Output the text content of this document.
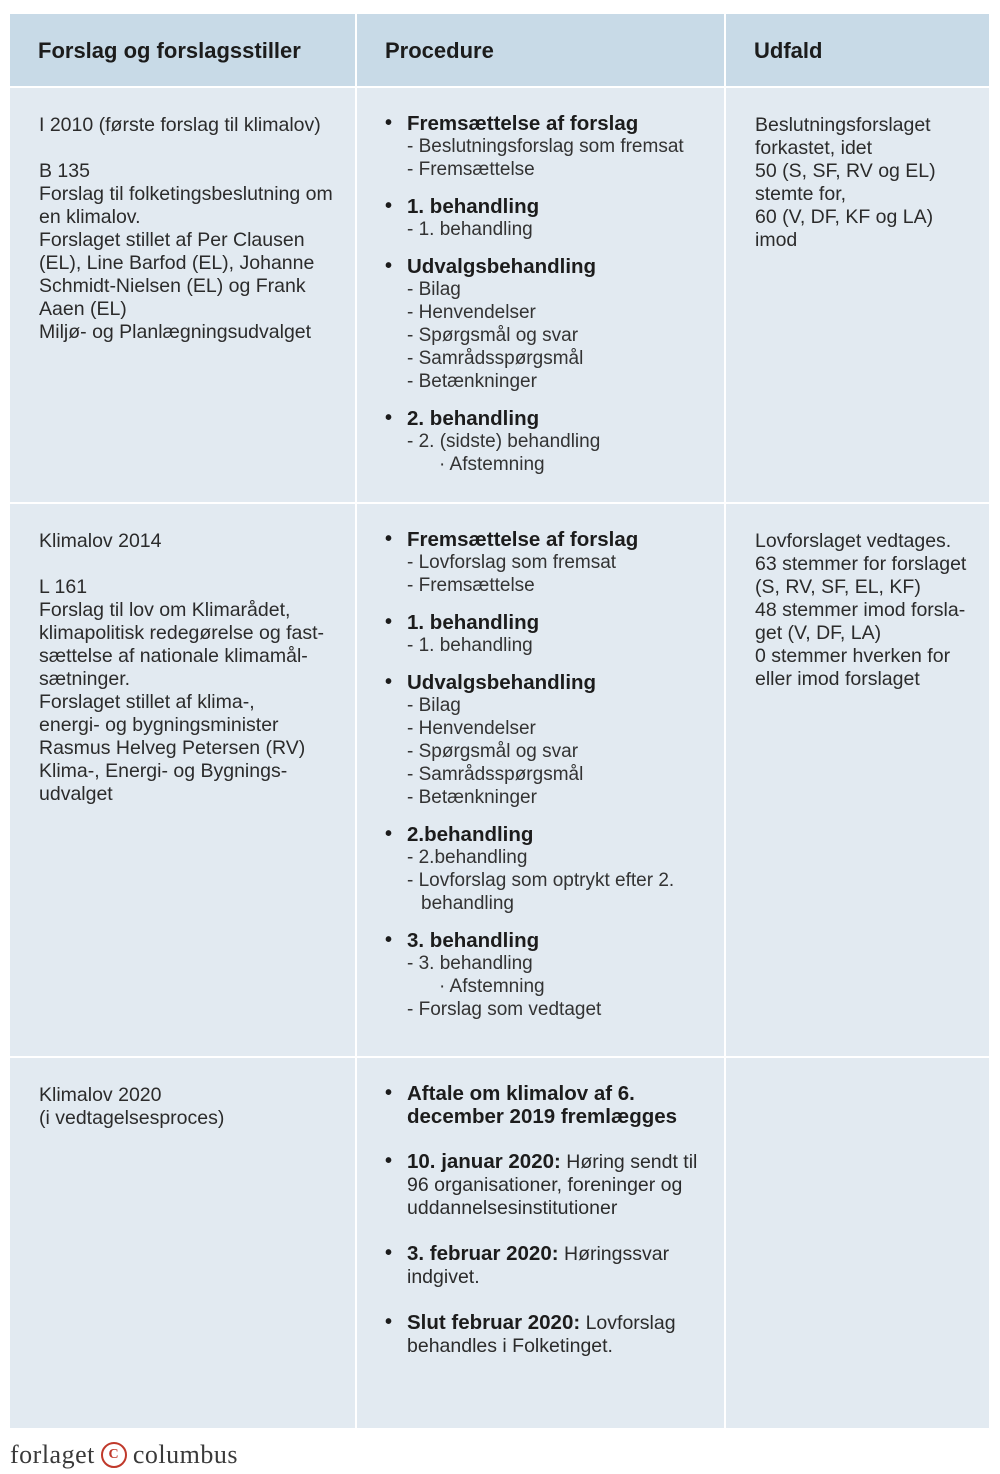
Forslag og forslagsstiller	Procedure	Udfald
I 2010 (første forslag til klimalov)

B 135
Forslag til folketingsbeslutning om
en klimalov.
Forslaget stillet af Per Clausen
(EL), Line Barfod (EL), Johanne
Schmidt-Nielsen (EL) og Frank
Aaen (EL)
Miljø- og Planlægningsudvalget
• Fremsættelse af forslag
- Beslutningsforslag som fremsat
- Fremsættelse
• 1. behandling
- 1. behandling
• Udvalgsbehandling
- Bilag
- Henvendelser
- Spørgsmål og svar
- Samrådsspørgsmål
- Betænkninger
• 2. behandling
- 2. (sidste) behandling
· Afstemning
Beslutningsforslaget
forkastet, idet
50 (S, SF, RV og EL)
stemte for,
60 (V, DF, KF og LA)
imod
Klimalov 2014

L 161
Forslag til lov om Klimarådet,
klimapolitisk redegørelse og fast-
sættelse af nationale klimamål-
sætninger.
Forslaget stillet af klima-,
energi- og bygningsminister
Rasmus Helveg Petersen (RV)
Klima-, Energi- og Bygnings-
udvalget
• Fremsættelse af forslag
- Lovforslag som fremsat
- Fremsættelse
• 1. behandling
- 1. behandling
• Udvalgsbehandling
- Bilag
- Henvendelser
- Spørgsmål og svar
- Samrådsspørgsmål
- Betænkninger
• 2.behandling
- 2.behandling
- Lovforslag som optrykt efter 2.
behandling
• 3. behandling
- 3. behandling
· Afstemning
- Forslag som vedtaget
Lovforslaget vedtages.
63 stemmer for forslaget
(S, RV, SF, EL, KF)
48 stemmer imod forsla-
get (V, DF, LA)
0 stemmer hverken for
eller imod forslaget
Klimalov 2020
(i vedtagelsesproces)
• Aftale om klimalov af 6.
december 2019 fremlægges
• 10. januar 2020: Høring sendt til
96 organisationer, foreninger og
uddannelsesinstitutioner
• 3. februar 2020: Høringssvar
indgivet.
• Slut februar 2020: Lovforslag
behandles i Folketinget.
forlaget C columbus
